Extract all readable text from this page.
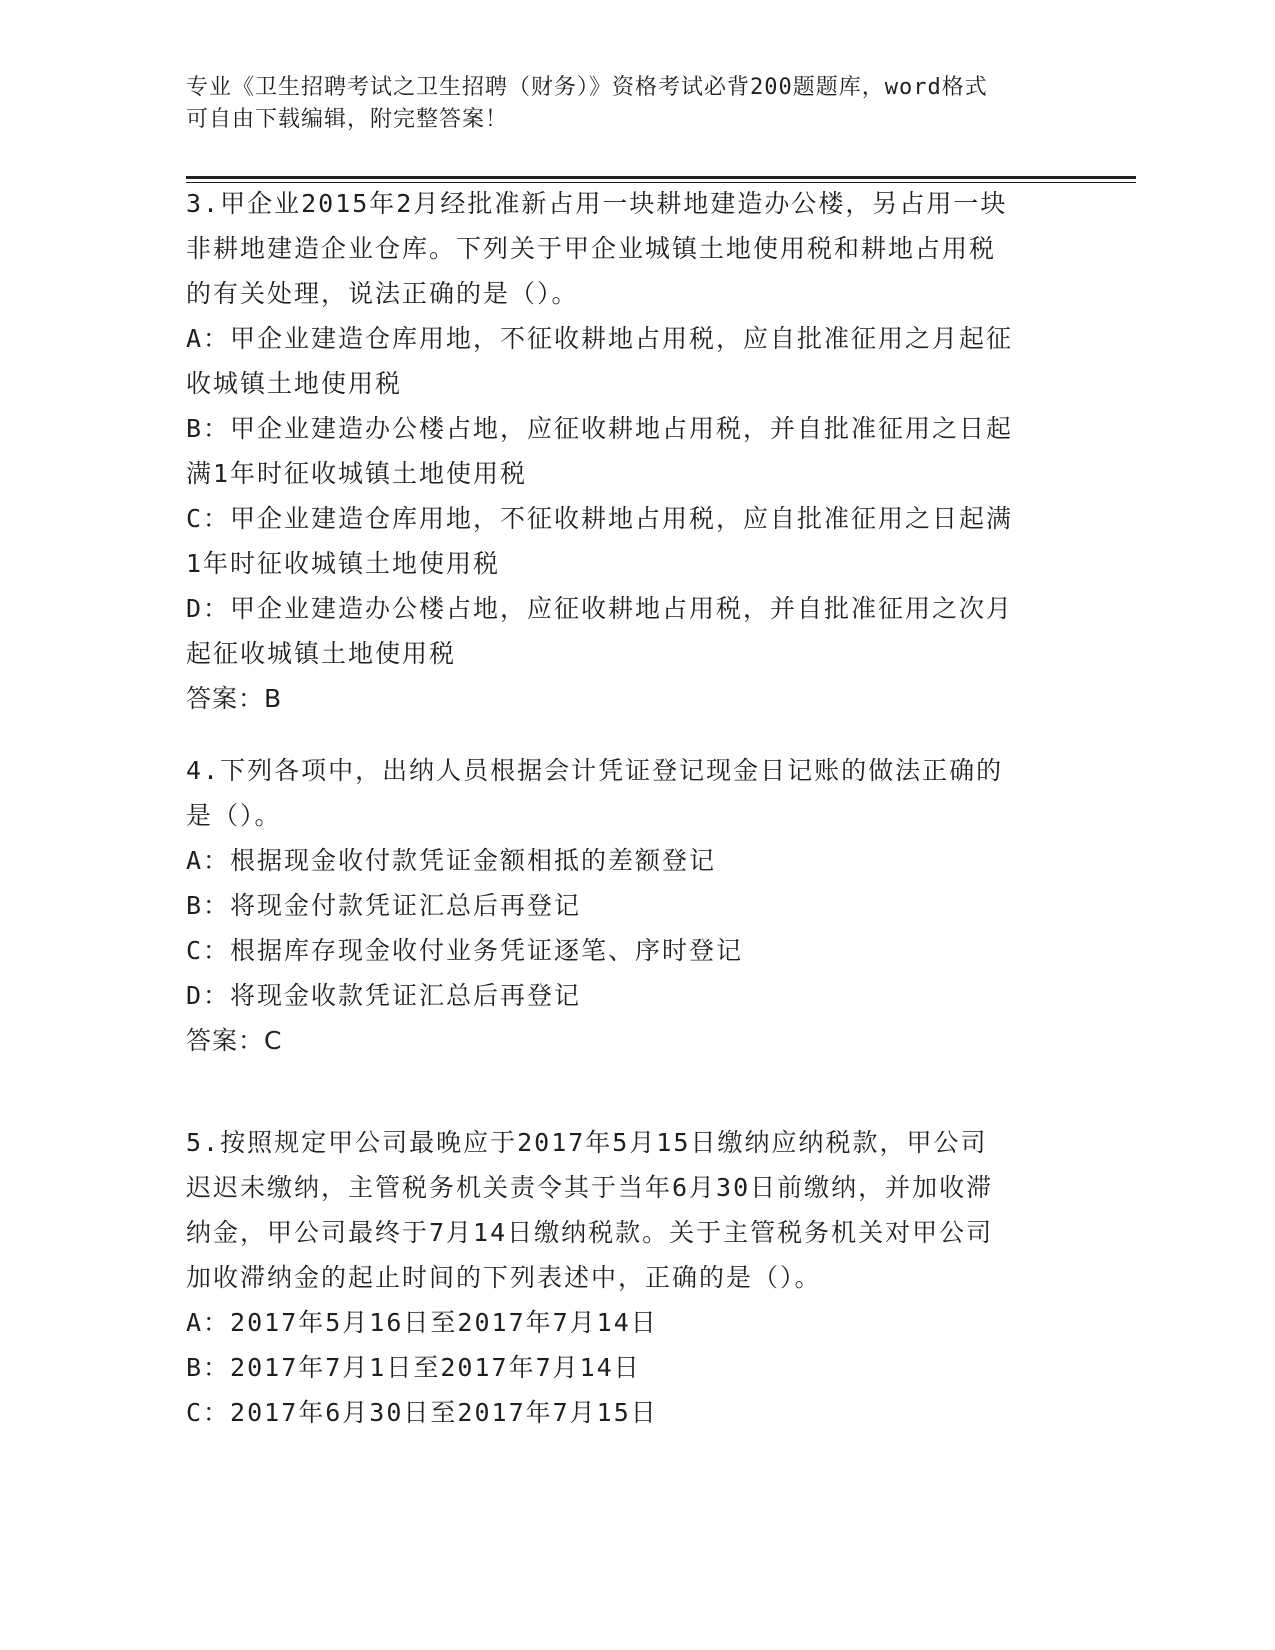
专业《卫生招聘考试之卫生招聘（财务）》资格考试必背200题题库，word格式
可自由下载编辑，附完整答案！
3.甲企业2015年2月经批准新占用一块耕地建造办公楼，另占用一块
非耕地建造企业仓库。下列关于甲企业城镇土地使用税和耕地占用税
的有关处理，说法正确的是（）。
A：甲企业建造仓库用地，不征收耕地占用税，应自批准征用之月起征
收城镇土地使用税
B：甲企业建造办公楼占地，应征收耕地占用税，并自批准征用之日起
满1年时征收城镇土地使用税
C：甲企业建造仓库用地，不征收耕地占用税，应自批准征用之日起满
1年时征收城镇土地使用税
D：甲企业建造办公楼占地，应征收耕地占用税，并自批准征用之次月
起征收城镇土地使用税
答案：B
4.下列各项中，出纳人员根据会计凭证登记现金日记账的做法正确的
是（）。
A：根据现金收付款凭证金额相抵的差额登记
B：将现金付款凭证汇总后再登记
C：根据库存现金收付业务凭证逐笔、序时登记
D：将现金收款凭证汇总后再登记
答案：C
5.按照规定甲公司最晚应于2017年5月15日缴纳应纳税款，甲公司
迟迟未缴纳，主管税务机关责令其于当年6月30日前缴纳，并加收滞
纳金，甲公司最终于7月14日缴纳税款。关于主管税务机关对甲公司
加收滞纳金的起止时间的下列表述中，正确的是（）。
A：2017年5月16日至2017年7月14日
B：2017年7月1日至2017年7月14日
C：2017年6月30日至2017年7月15日
